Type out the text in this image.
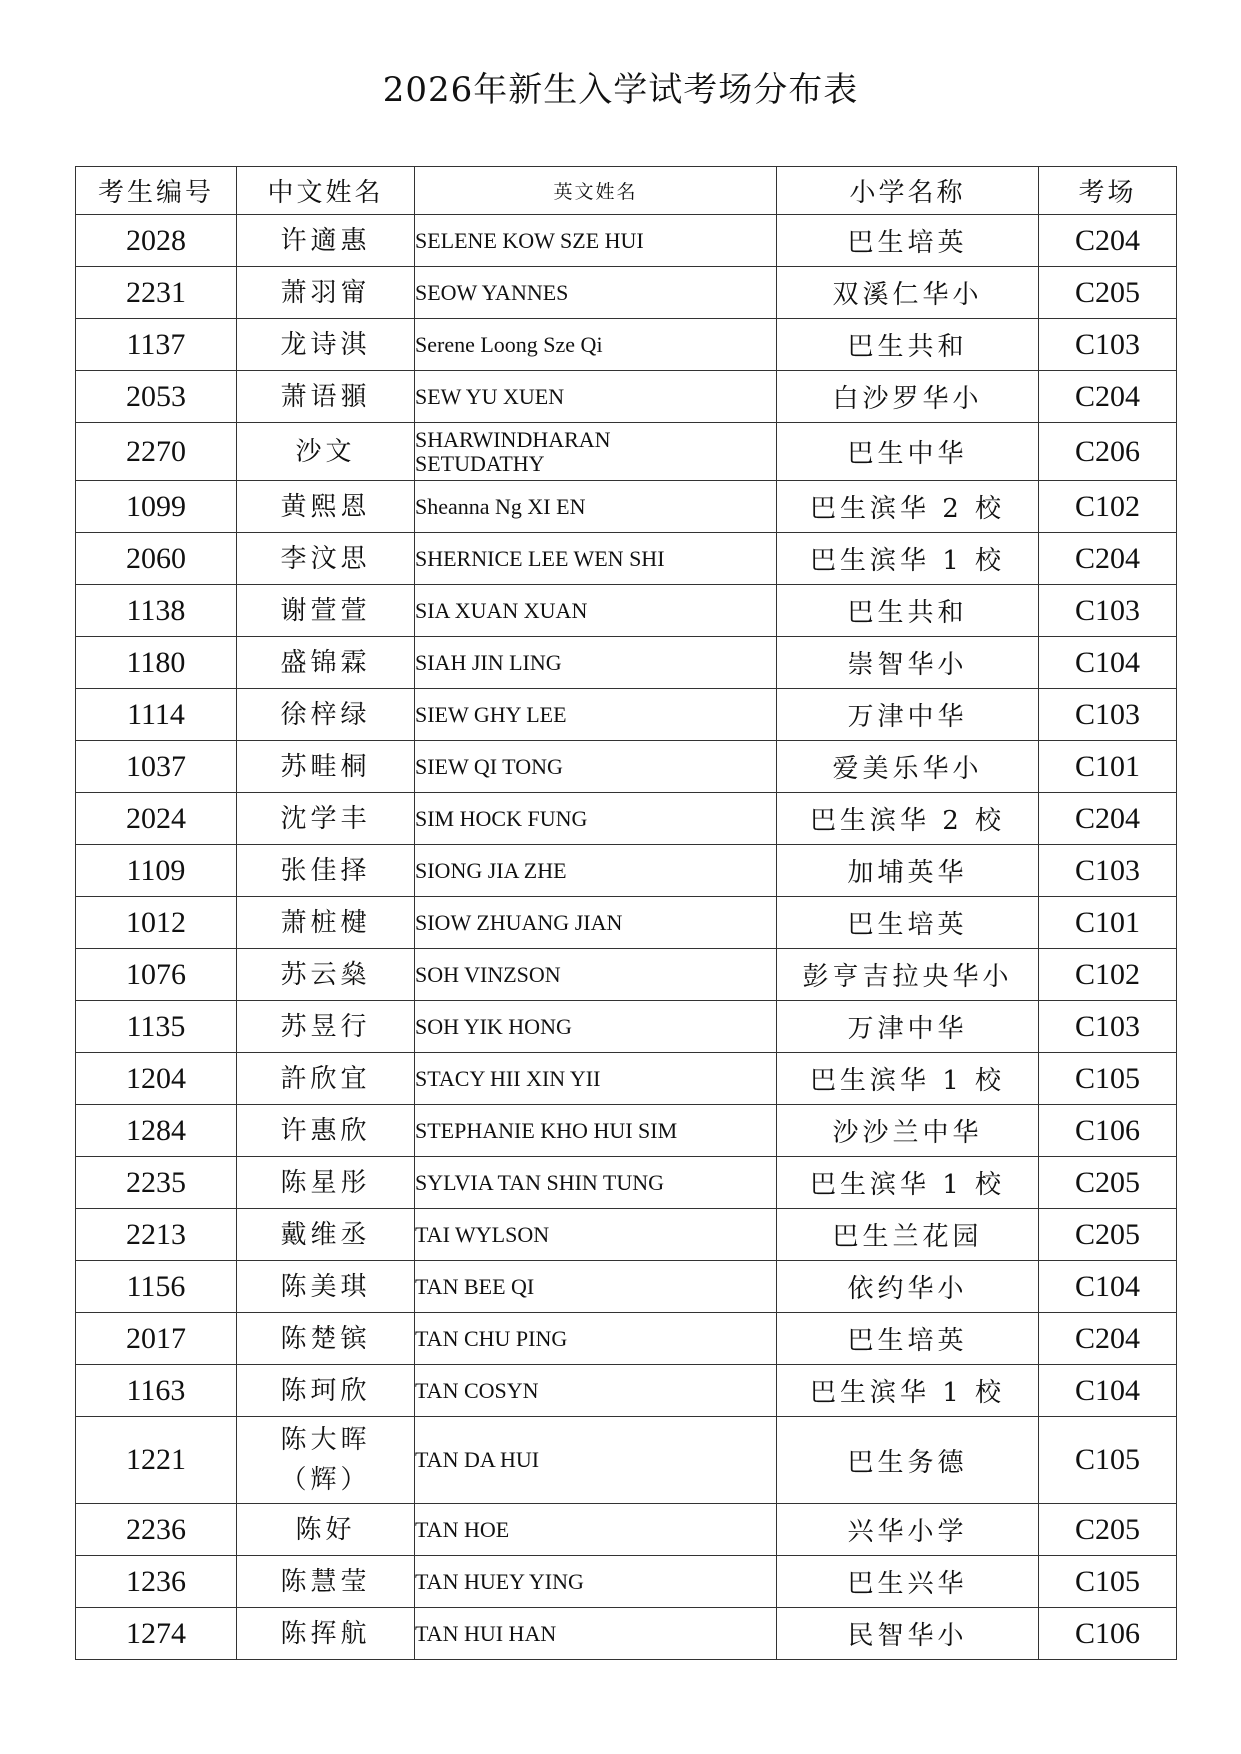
2026年新生入学试考场分布表
考生编号	中文姓名	英文姓名	小学名称	考场
2028	许適惠	SELENE KOW SZE HUI	巴生培英	C204
2231	萧羽甯	SEOW YANNES	双溪仁华小	C205
1137	龙诗淇	Serene Loong Sze Qi	巴生共和	C103
2053	萧语頨	SEW YU XUEN	白沙罗华小	C204
2270	沙文	SHARWINDHARAN SETUDATHY	巴生中华	C206
1099	黄熙恩	Sheanna Ng XI EN	巴生滨华 2 校	C102
2060	李汶思	SHERNICE LEE WEN SHI	巴生滨华 1 校	C204
1138	谢萱萱	SIA XUAN XUAN	巴生共和	C103
1180	盛锦霖	SIAH JIN LING	崇智华小	C104
1114	徐梓绿	SIEW GHY LEE	万津中华	C103
1037	苏畦桐	SIEW QI TONG	爱美乐华小	C101
2024	沈学丰	SIM HOCK FUNG	巴生滨华 2 校	C204
1109	张佳择	SIONG JIA ZHE	加埔英华	C103
1012	萧桩楗	SIOW ZHUANG JIAN	巴生培英	C101
1076	苏云燊	SOH VINZSON	彭亨吉拉央华小	C102
1135	苏昱行	SOH YIK HONG	万津中华	C103
1204	許欣宜	STACY HII XIN YII	巴生滨华 1 校	C105
1284	许惠欣	STEPHANIE KHO HUI SIM	沙沙兰中华	C106
2235	陈星彤	SYLVIA TAN SHIN TUNG	巴生滨华 1 校	C205
2213	戴维丞	TAI WYLSON	巴生兰花园	C205
1156	陈美琪	TAN BEE QI	依约华小	C104
2017	陈楚镔	TAN CHU PING	巴生培英	C204
1163	陈珂欣	TAN COSYN	巴生滨华 1 校	C104
1221	陈大晖（辉）	TAN DA HUI	巴生务德	C105
2236	陈好	TAN HOE	兴华小学	C205
1236	陈慧莹	TAN HUEY YING	巴生兴华	C105
1274	陈挥航	TAN HUI HAN	民智华小	C106
